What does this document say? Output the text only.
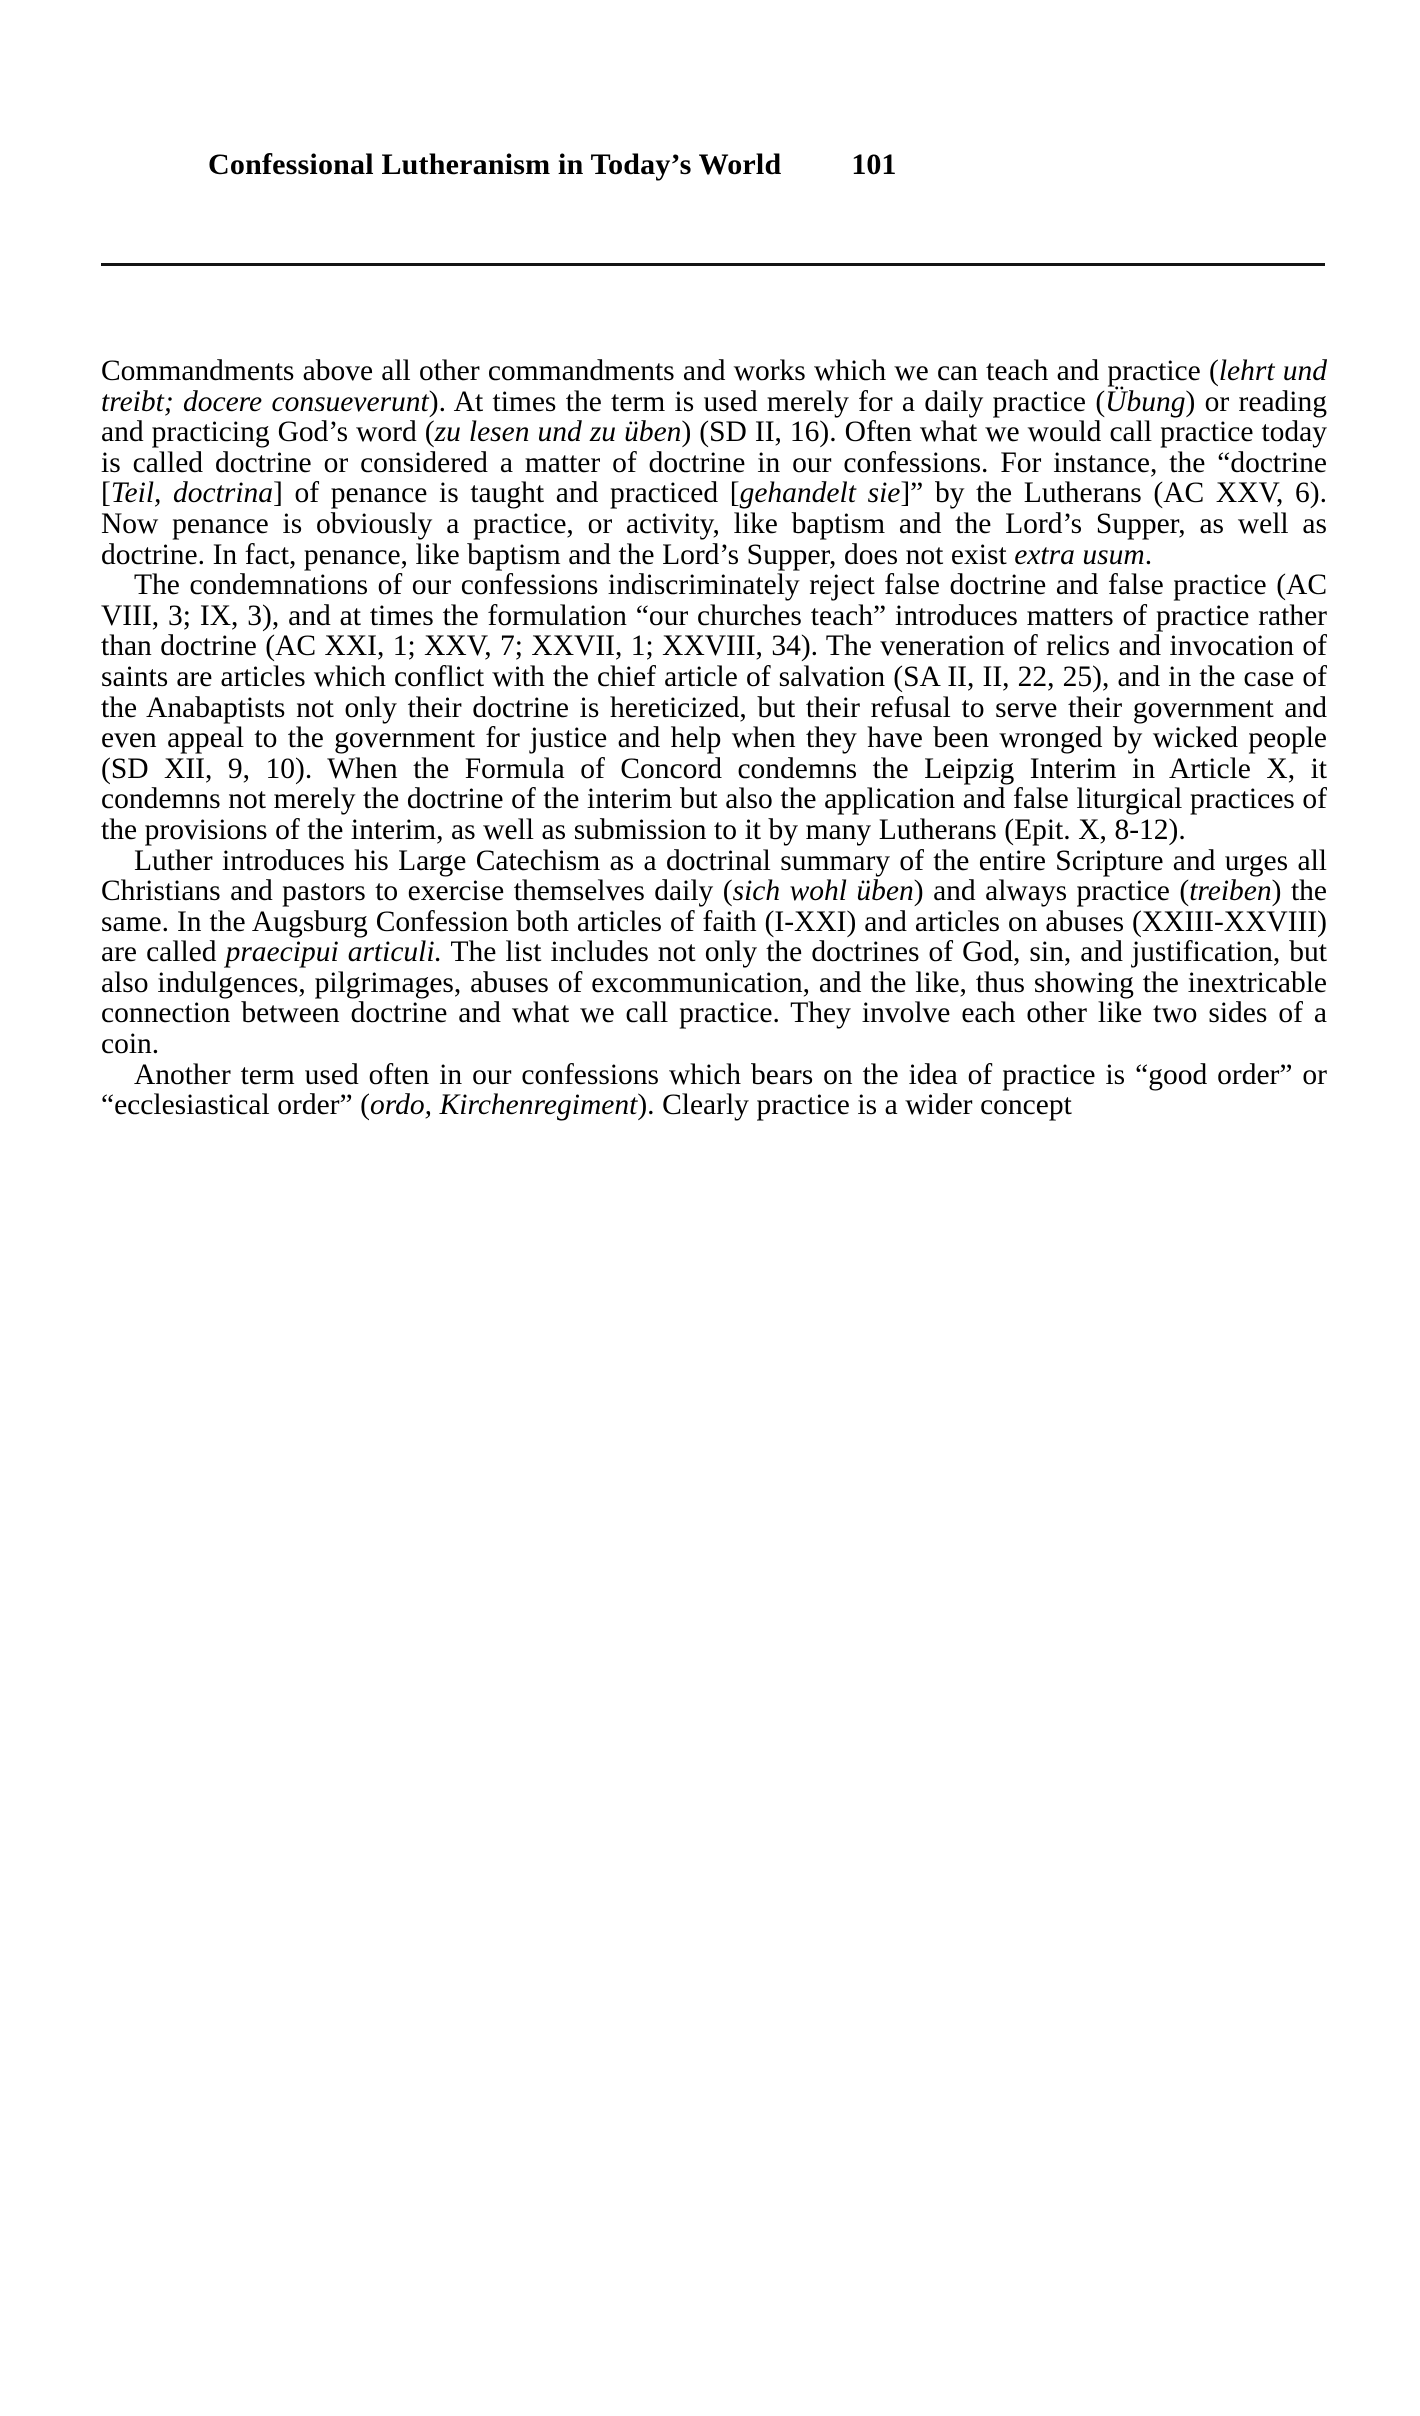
Confessional Lutheranism in Today’s World 101

Commandments above all other commandments and works which we can teach and practice (lehrt und treibt; docere consueverunt). At times the term is used merely for a daily practice (Übung) or reading and practicing God’s word (zu lesen und zu üben) (SD II, 16). Often what we would call practice today is called doctrine or considered a matter of doctrine in our confessions. For instance, the “doctrine [Teil, doctrina] of penance is taught and practiced [gehandelt sie]” by the Lutherans (AC XXV, 6). Now penance is obviously a practice, or activity, like baptism and the Lord’s Supper, as well as doctrine. In fact, penance, like baptism and the Lord’s Supper, does not exist extra usum.

The condemnations of our confessions indiscriminately reject false doctrine and false practice (AC VIII, 3; IX, 3), and at times the formulation “our churches teach” introduces matters of practice rather than doctrine (AC XXI, 1; XXV, 7; XXVII, 1; XXVIII, 34). The veneration of relics and invocation of saints are articles which conflict with the chief article of salvation (SA II, II, 22, 25), and in the case of the Anabaptists not only their doctrine is hereticized, but their refusal to serve their government and even appeal to the government for justice and help when they have been wronged by wicked people (SD XII, 9, 10). When the Formula of Concord condemns the Leipzig Interim in Article X, it condemns not merely the doctrine of the interim but also the application and false liturgical practices of the provisions of the interim, as well as submission to it by many Lutherans (Epit. X, 8-12).

Luther introduces his Large Catechism as a doctrinal summary of the entire Scripture and urges all Christians and pastors to exercise themselves daily (sich wohl üben) and always practice (treiben) the same. In the Augsburg Confession both articles of faith (I-XXI) and articles on abuses (XXIII-XXVIII) are called praecipui articuli. The list includes not only the doctrines of God, sin, and justification, but also indulgences, pilgrimages, abuses of excommunication, and the like, thus showing the inextricable connection between doctrine and what we call practice. They involve each other like two sides of a coin.

Another term used often in our confessions which bears on the idea of practice is “good order” or “ecclesiastical order” (ordo, Kirchenregiment). Clearly practice is a wider concept
